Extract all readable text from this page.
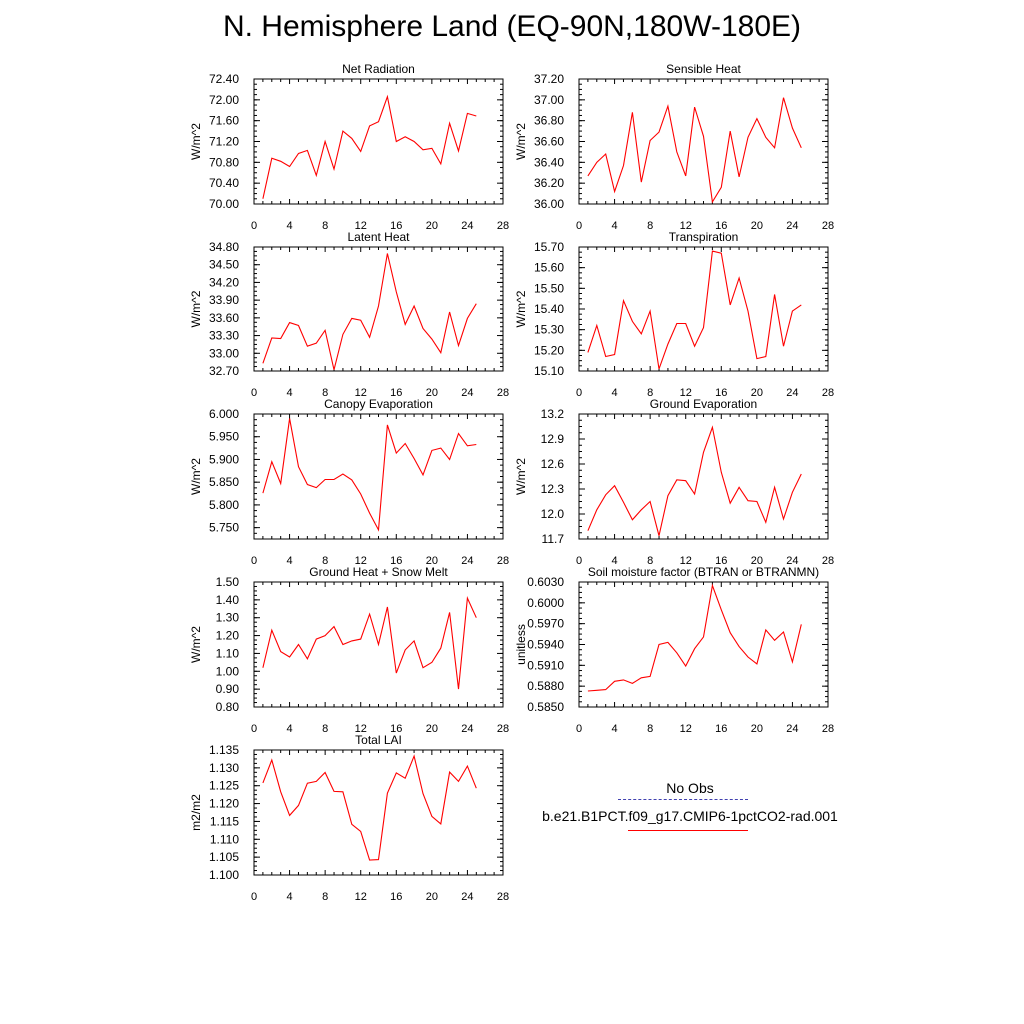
N. Hemisphere Land (EQ-90N,180W-180E)
Net Radiation
W/m^2
0	4	8 12 16 20 24 28
70.00
70.40
70.80
71.20
71.60
72.00
72.40
Sensible Heat
W/m^2
0	4	8 12 16 20 24 28
36.00
36.20
36.40
36.60
36.80
37.00
37.20
Latent Heat
W/m^2
0	4	8 12 16 20 24 28
32.70
33.00
33.30
33.60
33.90
34.20
34.50
34.80
Transpiration
W/m^2
0	4	8 12 16 20 24 28
15.10
15.20
15.30
15.40
15.50
15.60
15.70
Canopy Evaporation
W/m^2
0	4	8 12 16 20 24 28
5.750
5.800
5.850
5.900
5.950
6.000
Ground Evaporation
W/m^2
0	4	8 12 16 20 24 28
11.7
12.0
12.3
12.6
12.9
13.2
Ground Heat + Snow Melt
W/m^2
0	4	8 12 16 20 24 28
0.80
0.90
1.00
1.10
1.20
1.30
1.40
1.50
Soil moisture factor (BTRAN or BTRANMN)
unitless
0	4	8 12 16 20 24 28
0.5850
0.5880
0.5910
0.5940
0.5970
0.6000
0.6030
Total LAI
m2/m2
0	4	8 12 16 20 24 28
1.100
1.105
1.110
1.115
1.120
1.125
1.130
1.135
No Obs
b.e21.B1PCT.f09_g17.CMIP6-1pctCO2-rad.001
